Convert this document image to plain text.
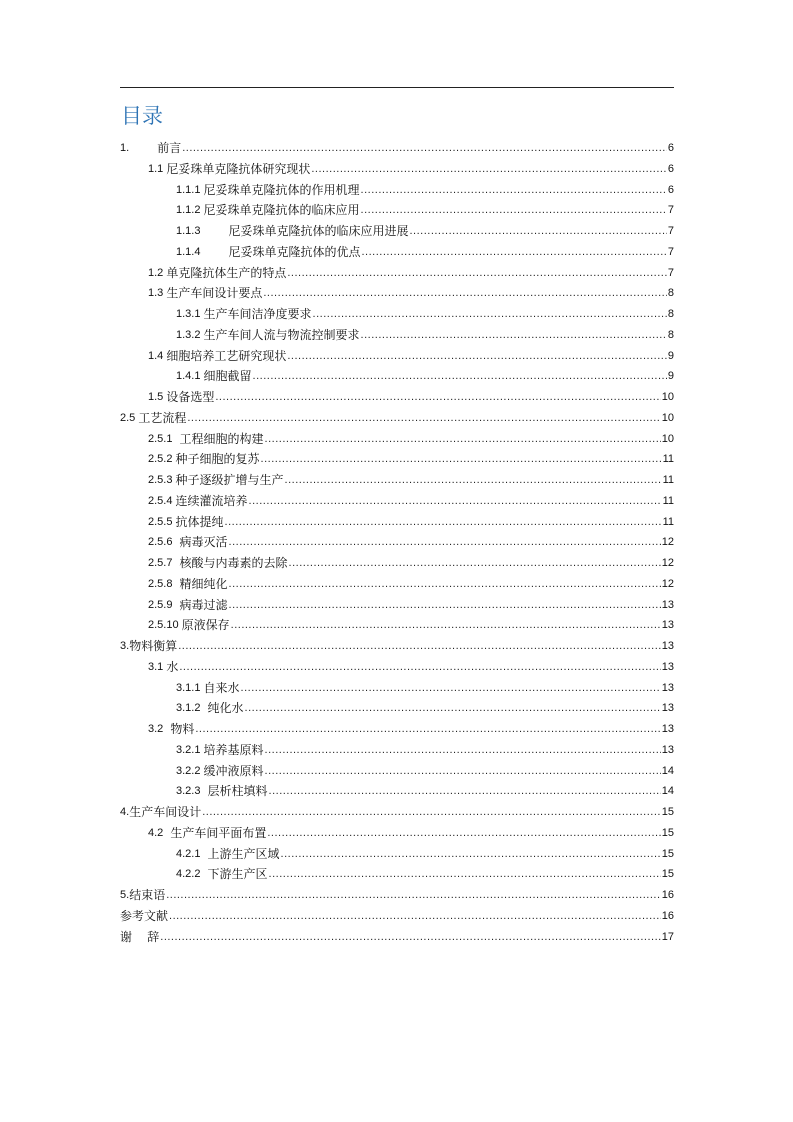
目录
1. 前言 .....	6
1.1 尼妥珠单克隆抗体研究现状 .....	6
1.1.1 尼妥珠单克隆抗体的作用机理 .....	6
1.1.2 尼妥珠单克隆抗体的临床应用 .....	7
1.1.3 尼妥珠单克隆抗体的临床应用进展 .....	7
1.1.4 尼妥珠单克隆抗体的优点 .....	7
1.2 单克隆抗体生产的特点 .....	7
1.3 生产车间设计要点 .....	8
1.3.1 生产车间洁净度要求 .....	8
1.3.2 生产车间人流与物流控制要求 .....	8
1.4 细胞培养工艺研究现状 .....	9
1.4.1 细胞截留 .....	9
1.5 设备选型 .....	10
2.5 工艺流程 .....	10
2.5.1 工程细胞的构建 .....	10
2.5.2 种子细胞的复苏 .....	11
2.5.3 种子逐级扩增与生产 .....	11
2.5.4 连续灌流培养 .....	11
2.5.5 抗体提纯 .....	11
2.5.6 病毒灭活 .....	12
2.5.7 核酸与内毒素的去除 .....	12
2.5.8 精细纯化 .....	12
2.5.9 病毒过滤 .....	13
2.5.10 原液保存 .....	13
3. 物料衡算 .....	13
3.1 水 .....	13
3.1.1 自来水 .....	13
3.1.2 纯化水 .....	13
3.2 物料 .....	13
3.2.1 培养基原料 .....	13
3.2.2 缓冲液原料 .....	14
3.2.3 层析柱填料 .....	14
4. 生产车间设计 .....	15
4.2 生产车间平面布置 .....	15
4.2.1 上游生产区域 .....	15
4.2.2 下游生产区 .....	15
5. 结束语 .....	16
参考文献 .....	16
谢    辞 .....	17
